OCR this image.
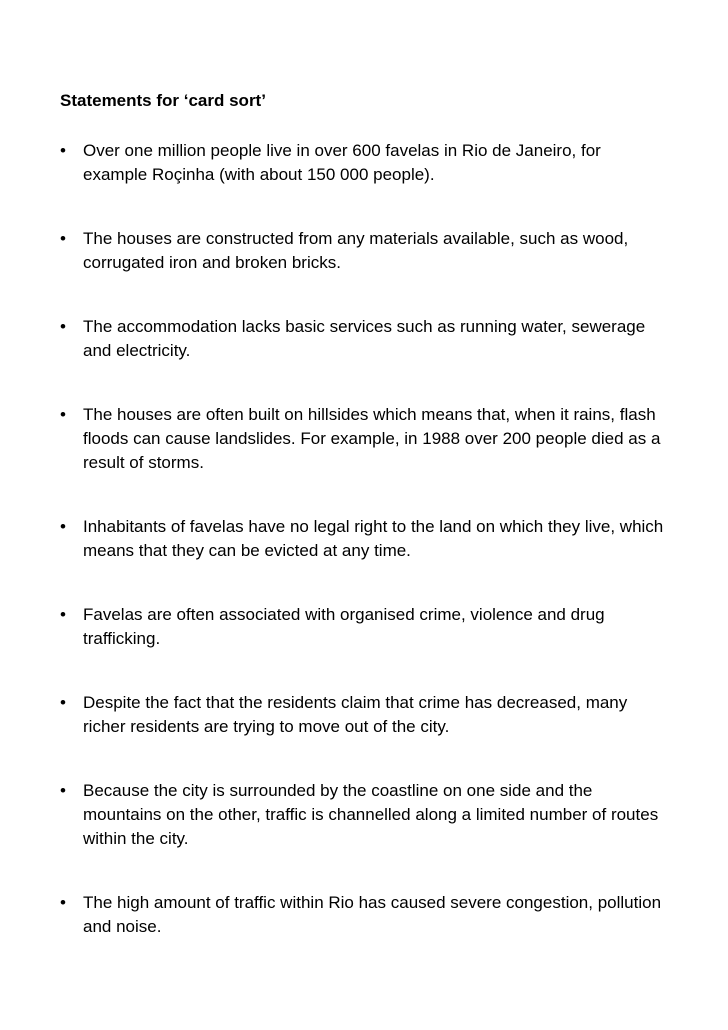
Statements for ‘card sort’
• Over one million people live in over 600 favelas in Rio de Janeiro, for example Roçinha (with about 150 000 people).
• The houses are constructed from any materials available, such as wood, corrugated iron and broken bricks.
• The accommodation lacks basic services such as running water, sewerage and electricity.
• The houses are often built on hillsides which means that, when it rains, flash floods can cause landslides. For example, in 1988 over 200 people died as a result of storms.
• Inhabitants of favelas have no legal right to the land on which they live, which means that they can be evicted at any time.
• Favelas are often associated with organised crime, violence and drug trafficking.
• Despite the fact that the residents claim that crime has decreased, many richer residents are trying to move out of the city.
• Because the city is surrounded by the coastline on one side and the mountains on the other, traffic is channelled along a limited number of routes within the city.
• The high amount of traffic within Rio has caused severe congestion, pollution and noise.
